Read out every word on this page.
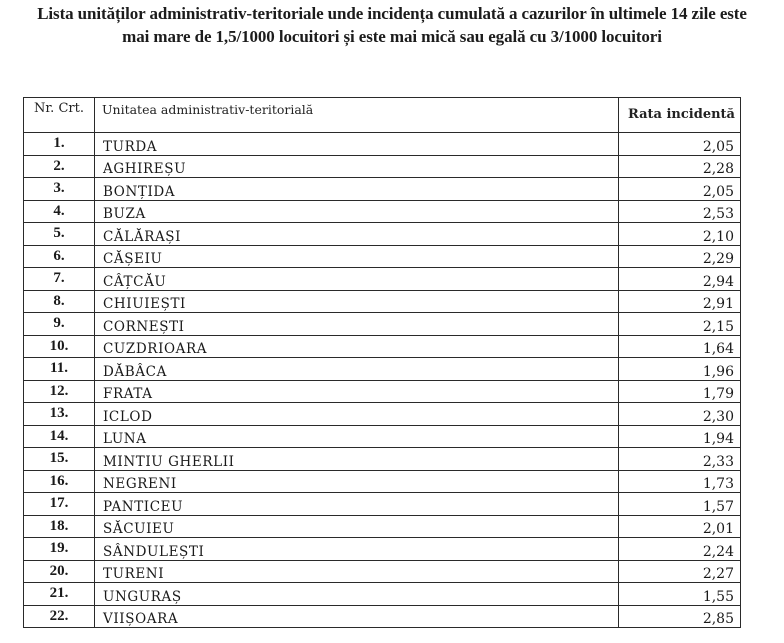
Lista unităților administrativ-teritoriale unde incidența cumulată a cazurilor în ultimele 14 zile este
mai mare de 1,5/1000 locuitori și este mai mică sau egală cu 3/1000 locuitori
Nr. Crt.	Unitatea administrativ-teritorială	Rata incidentă
1.	TURDA	2,05
2.	AGHIREȘU	2,28
3.	BONȚIDA	2,05
4.	BUZA	2,53
5.	CĂLĂRAȘI	2,10
6.	CĂȘEIU	2,29
7.	CÂȚCĂU	2,94
8.	CHIUIEȘTI	2,91
9.	CORNEȘTI	2,15
10.	CUZDRIOARA	1,64
11.	DĂBÂCA	1,96
12.	FRATA	1,79
13.	ICLOD	2,30
14.	LUNA	1,94
15.	MINTIU GHERLII	2,33
16.	NEGRENI	1,73
17.	PANTICEU	1,57
18.	SĂCUIEU	2,01
19.	SÂNDULEȘTI	2,24
20.	TURENI	2,27
21.	UNGURAȘ	1,55
22.	VIIȘOARA	2,85
